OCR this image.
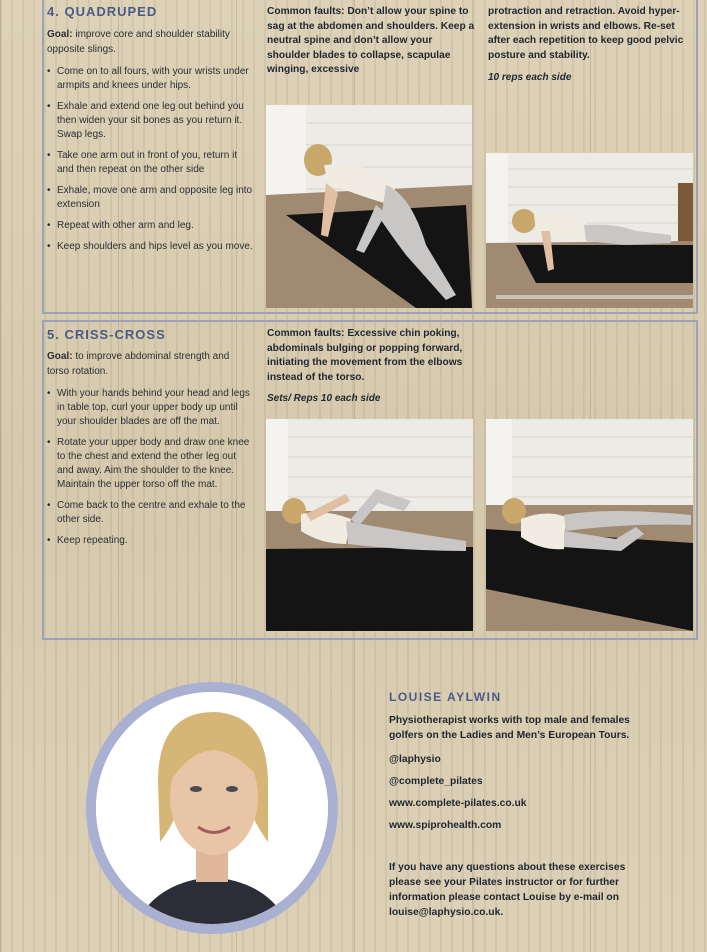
4. QUADRUPED
Goal: improve core and shoulder stability opposite slings.
• Come on to all fours, with your wrists under armpits and knees under hips.
• Exhale and extend one leg out behind you then widen your sit bones as you return it. Swap legs.
• Take one arm out in front of you, return it and then repeat on the other side
• Exhale, move one arm and opposite leg into extension
• Repeat with other arm and leg.
• Keep shoulders and hips level as you move.
Common faults: Don’t allow your spine to sag at the abdomen and shoulders. Keep a neutral spine and don’t allow your shoulder blades to collapse, scapulae winging, excessive
protraction and retraction. Avoid hyper-extension in wrists and elbows. Re-set after each repetition to keep good pelvic posture and stability.
10 reps each side
5. CRISS-CROSS
Goal: to improve abdominal strength and torso rotation.
• With your hands behind your head and legs in table top, curl your upper body up until your shoulder blades are off the mat.
• Rotate your upper body and draw one knee to the chest and extend the other leg out and away. Aim the shoulder to the knee. Maintain the upper torso off the mat.
• Come back to the centre and exhale to the other side.
• Keep repeating.
Common faults: Excessive chin poking, abdominals bulging or popping forward, initiating the movement from the elbows instead of the torso.
Sets/ Reps 10 each side
LOUISE AYLWIN
Physiotherapist works with top male and females golfers on the Ladies and Men’s European Tours.
@laphysio
@complete_pilates
www.complete-pilates.co.uk
www.spiprohealth.com
If you have any questions about these exercises please see your Pilates instructor or for further information please contact Louise by e-mail on louise@laphysio.co.uk.
